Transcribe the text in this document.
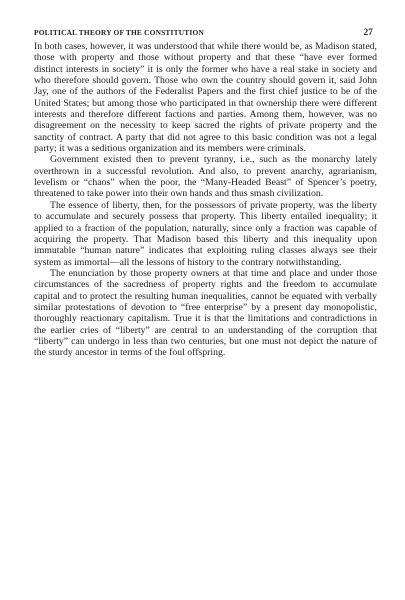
POLITICAL THEORY OF THE CONSTITUTION	27

In both cases, however, it was understood that while there would be, as Madison stated, those with property and those without property and that these “have ever formed distinct interests in society” it is only the former who have a real stake in society and who therefore should govern. Those who own the country should govern it, said John Jay, one of the authors of the Federalist Papers and the first chief justice to be of the United States; but among those who participated in that ownership there were different interests and therefore different factions and parties. Among them, however, was no disagreement on the necessity to keep sacred the rights of private property and the sanctity of contract. A party that did not agree to this basic condition was not a legal party; it was a seditious organization and its members were criminals.

Government existed then to prevent tyranny, i.e., such as the monarchy lately overthrown in a successful revolution. And also, to prevent anarchy, agrarianism, levelism or “chaos” when the poor, the “Many-Headed Beast” of Spencer’s poetry, threatened to take power into their own hands and thus smash civilization.

The essence of liberty, then, for the possessors of private property, was the liberty to accumulate and securely possess that property. This liberty entailed inequality; it applied to a fraction of the population, naturally, since only a fraction was capable of acquiring the property. That Madison based this liberty and this inequality upon immutable “human nature” indicates that exploiting ruling classes always see their system as immortal—all the lessons of history to the contrary notwithstanding.

The enunciation by those property owners at that time and place and under those circumstances of the sacredness of property rights and the freedom to accumulate capital and to protect the resulting human inequalities, cannot be equated with verbally similar protestations of devotion to “free enterprise” by a present day monopolistic, thoroughly reactionary capitalism. True it is that the limitations and contradictions in the earlier cries of “liberty” are central to an understanding of the corruption that “liberty” can undergo in less than two centuries, but one must not depict the nature of the sturdy ancestor in terms of the foul offspring.
